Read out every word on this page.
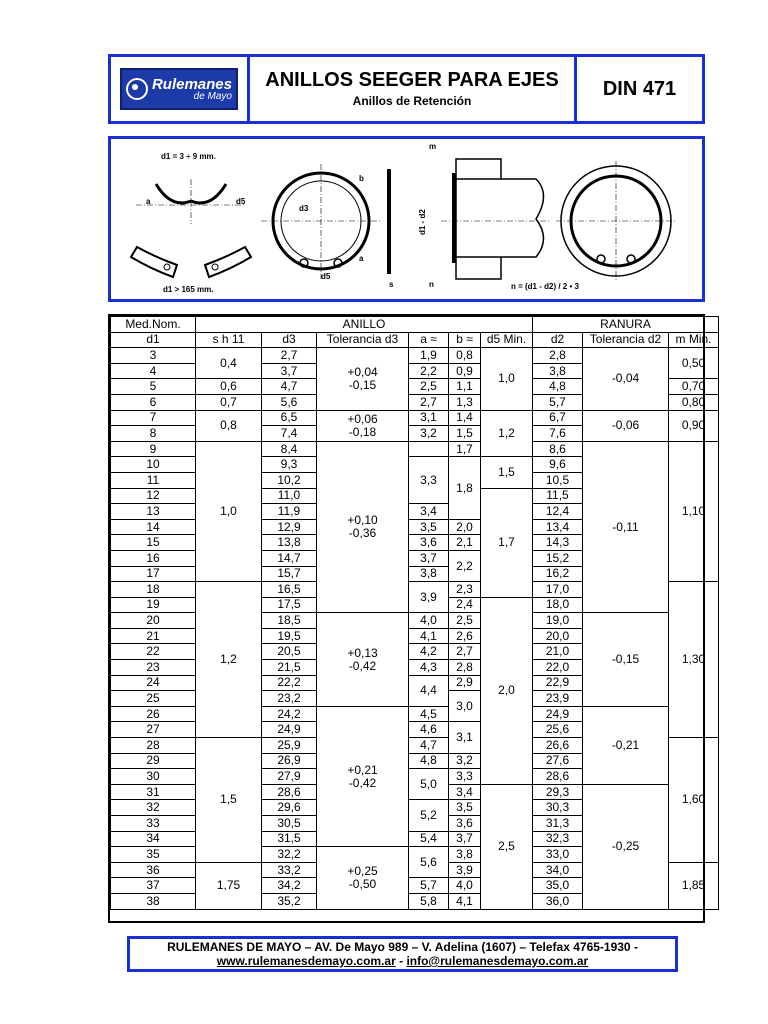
Rulemanes
de Mayo
ANILLOS SEEGER PARA EJES
Anillos de Retención
DIN 471
d1 = 3 ÷ 9 mm.
a	d5
d1 > 165 mm.
d3
d5
b
a
s
m
d1 - d2
n	n = (d1 - d2) / 2 • 3
Med.Nom.	ANILLO						RANURA		
d1	s h 11	d3	Tolerancia d3	a ≈	b ≈	d5 Min.	d2	Tolerancia d2	m Min.
3	0,4	2,7	+0,04
-0,15	1,9	0,8	1,0	2,8	-0,04	0,50
4		3,7		2,2	0,9		3,8		
5	0,6	4,7		2,5	1,1		4,8		0,70
6	0,7	5,6		2,7	1,3		5,7		0,80
7	0,8	6,5	+0,06
-0,18	3,1	1,4	1,2	6,7	-0,06	0,90
8		7,4		3,2	1,5		7,6		
9	1,0	8,4	+0,10
-0,36		1,7		8,6	-0,11	1,10
10		9,3		3,3	1,8	1,5	9,6		
11		10,2					10,5		
12		11,0				1,7	11,5		
13		11,9		3,4			12,4		
14		12,9		3,5	2,0		13,4		
15		13,8		3,6	2,1		14,3		
16		14,7		3,7	2,2		15,2		
17		15,7		3,8			16,2		
18	1,2	16,5		3,9	2,3		17,0		1,30
19		17,5			2,4	2,0	18,0		
20		18,5	+0,13
-0,42	4,0	2,5		19,0	-0,15	
21		19,5		4,1	2,6		20,0		
22		20,5		4,2	2,7		21,0		
23		21,5		4,3	2,8		22,0		
24		22,2		4,4	2,9		22,9		
25		23,2			3,0		23,9		
26		24,2	+0,21
-0,42	4,5			24,9	-0,21	
27		24,9		4,6	3,1		25,6		
28	1,5	25,9		4,7			26,6		1,60
29		26,9		4,8	3,2		27,6		
30		27,9		5,0	3,3		28,6		
31		28,6			3,4	2,5	29,3	-0,25	
32		29,6		5,2	3,5		30,3		
33		30,5			3,6		31,3		
34		31,5		5,4	3,7		32,3		
35		32,2	+0,25
-0,50	5,6	3,8		33,0		
36	1,75	33,2			3,9		34,0		1,85
37		34,2		5,7	4,0		35,0		
38		35,2		5,8	4,1		36,0		
RULEMANES DE MAYO – AV. De Mayo 989 – V. Adelina (1607) – Telefax 4765-1930 -
www.rulemanesdemayo.com.ar - info@rulemanesdemayo.com.ar
